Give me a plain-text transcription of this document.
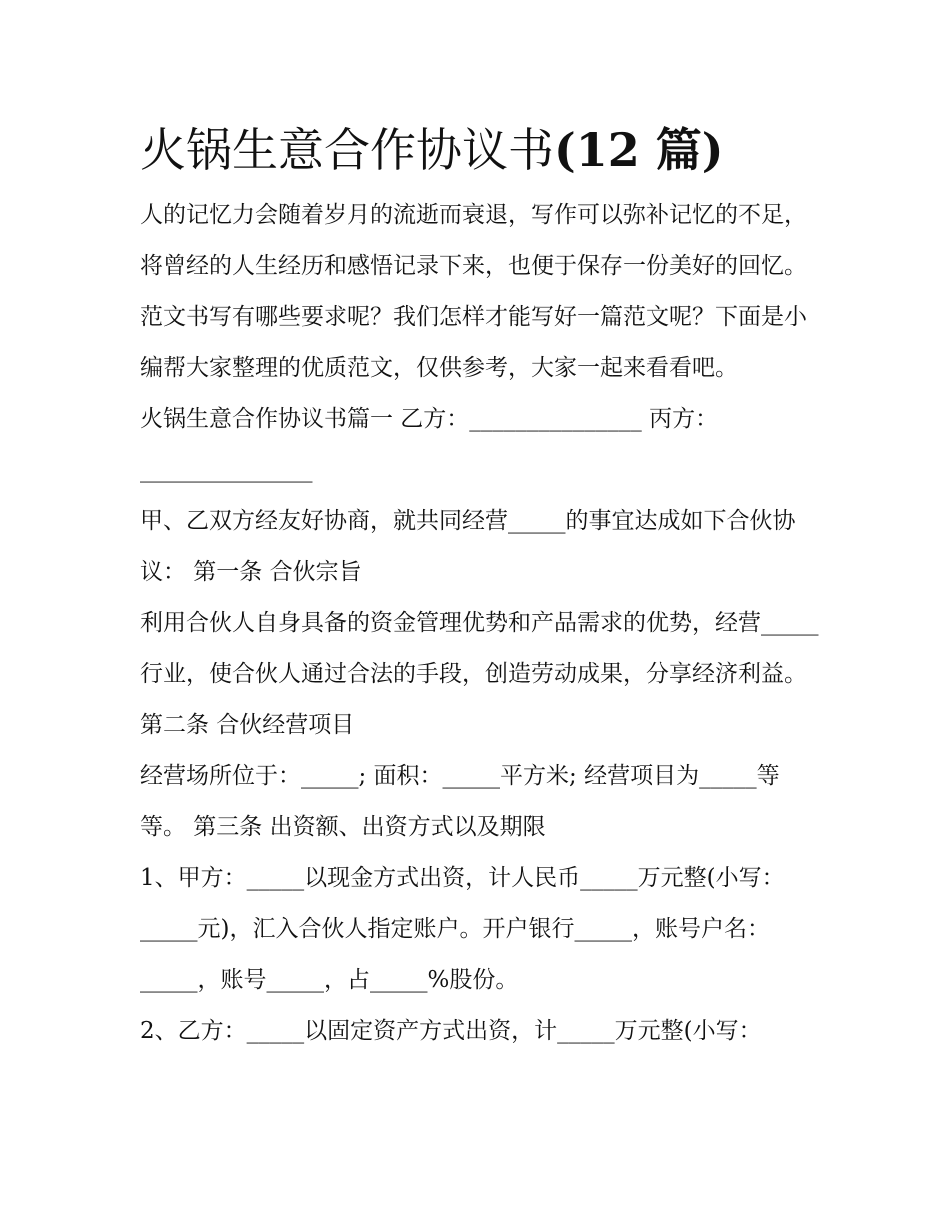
火锅生意合作协议书(12 篇)

人的记忆力会随着岁月的流逝而衰退，写作可以弥补记忆的不足，将曾经的人生经历和感悟记录下来，也便于保存一份美好的回忆。范文书写有哪些要求呢？我们怎样才能写好一篇范文呢？下面是小编帮大家整理的优质范文，仅供参考，大家一起来看看吧。

火锅生意合作协议书篇一 乙方：_______________ 丙方：

_______________

甲、乙双方经友好协商，就共同经营_____的事宜达成如下合伙协议： 第一条 合伙宗旨

利用合伙人自身具备的资金管理优势和产品需求的优势，经营_____行业，使合伙人通过合法的手段，创造劳动成果，分享经济利益。 第二条 合伙经营项目

经营场所位于：_____; 面积：_____平方米; 经营项目为_____等等。 第三条 出资额、出资方式以及期限

1、甲方：_____以现金方式出资，计人民币_____万元整(小写：_____元)，汇入合伙人指定账户。开户银行_____，账号户名：_____，账号_____，占_____%股份。

2、乙方：_____以固定资产方式出资，计_____万元整(小写：
